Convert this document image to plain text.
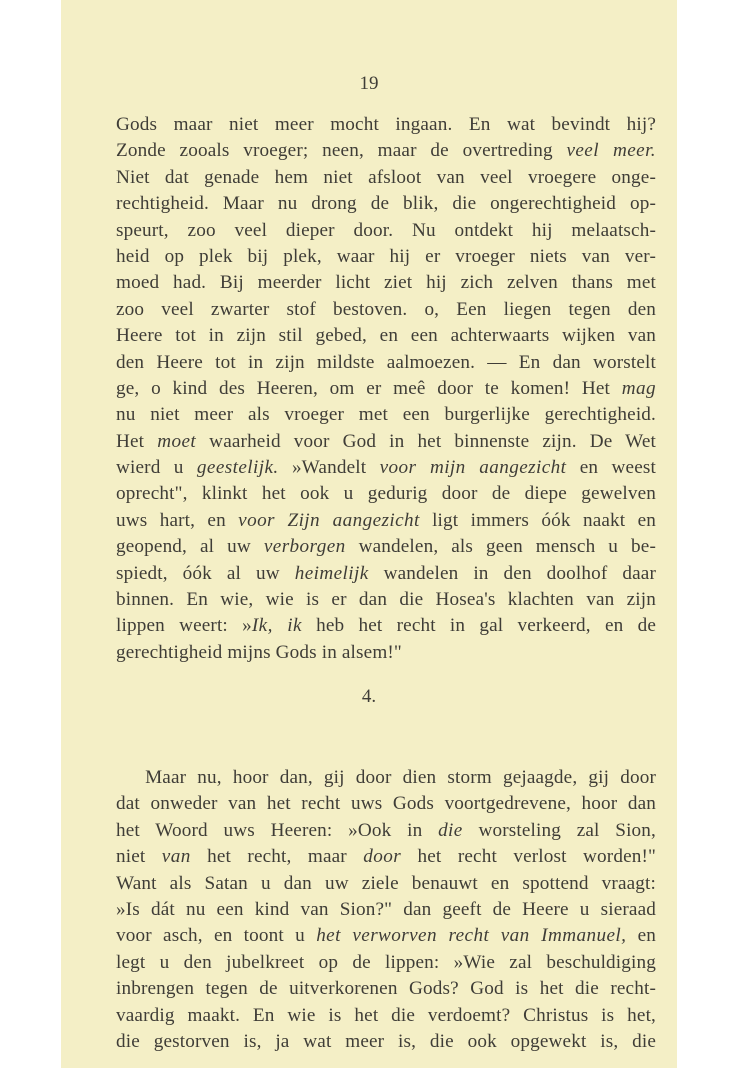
19
Gods maar niet meer mocht ingaan. En wat bevindt hij?
Zonde zooals vroeger; neen, maar de overtreding veel meer.
Niet dat genade hem niet afsloot van veel vroegere onge-
rechtigheid. Maar nu drong de blik, die ongerechtigheid op-
speurt, zoo veel dieper door. Nu ontdekt hij melaatsch-
heid op plek bij plek, waar hij er vroeger niets van ver-
moed had. Bij meerder licht ziet hij zich zelven thans met
zoo veel zwarter stof bestoven. o, Een liegen tegen den
Heere tot in zijn stil gebed, en een achterwaarts wijken van
den Heere tot in zijn mildste aalmoezen. — En dan worstelt
ge, o kind des Heeren, om er meê door te komen! Het mag
nu niet meer als vroeger met een burgerlijke gerechtigheid.
Het moet waarheid voor God in het binnenste zijn. De Wet
wierd u geestelijk. »Wandelt voor mijn aangezicht en weest
oprecht", klinkt het ook u gedurig door de diepe gewelven
uws hart, en voor Zijn aangezicht ligt immers óók naakt en
geopend, al uw verborgen wandelen, als geen mensch u be-
spiedt, óók al uw heimelijk wandelen in den doolhof daar
binnen. En wie, wie is er dan die Hosea's klachten van zijn
lippen weert: »Ik, ik heb het recht in gal verkeerd, en de
gerechtigheid mijns Gods in alsem!"
4.
  Maar nu, hoor dan, gij door dien storm gejaagde, gij door
dat onweder van het recht uws Gods voortgedrevene, hoor dan
het Woord uws Heeren: »Ook in die worsteling zal Sion,
niet van het recht, maar door het recht verlost worden!"
Want als Satan u dan uw ziele benauwt en spottend vraagt:
»Is dát nu een kind van Sion?" dan geeft de Heere u sieraad
voor asch, en toont u het verworven recht van Immanuel, en
legt u den jubelkreet op de lippen: »Wie zal beschuldiging
inbrengen tegen de uitverkorenen Gods? God is het die recht-
vaardig maakt. En wie is het die verdoemt? Christus is het,
die gestorven is, ja wat meer is, die ook opgewekt is, die
